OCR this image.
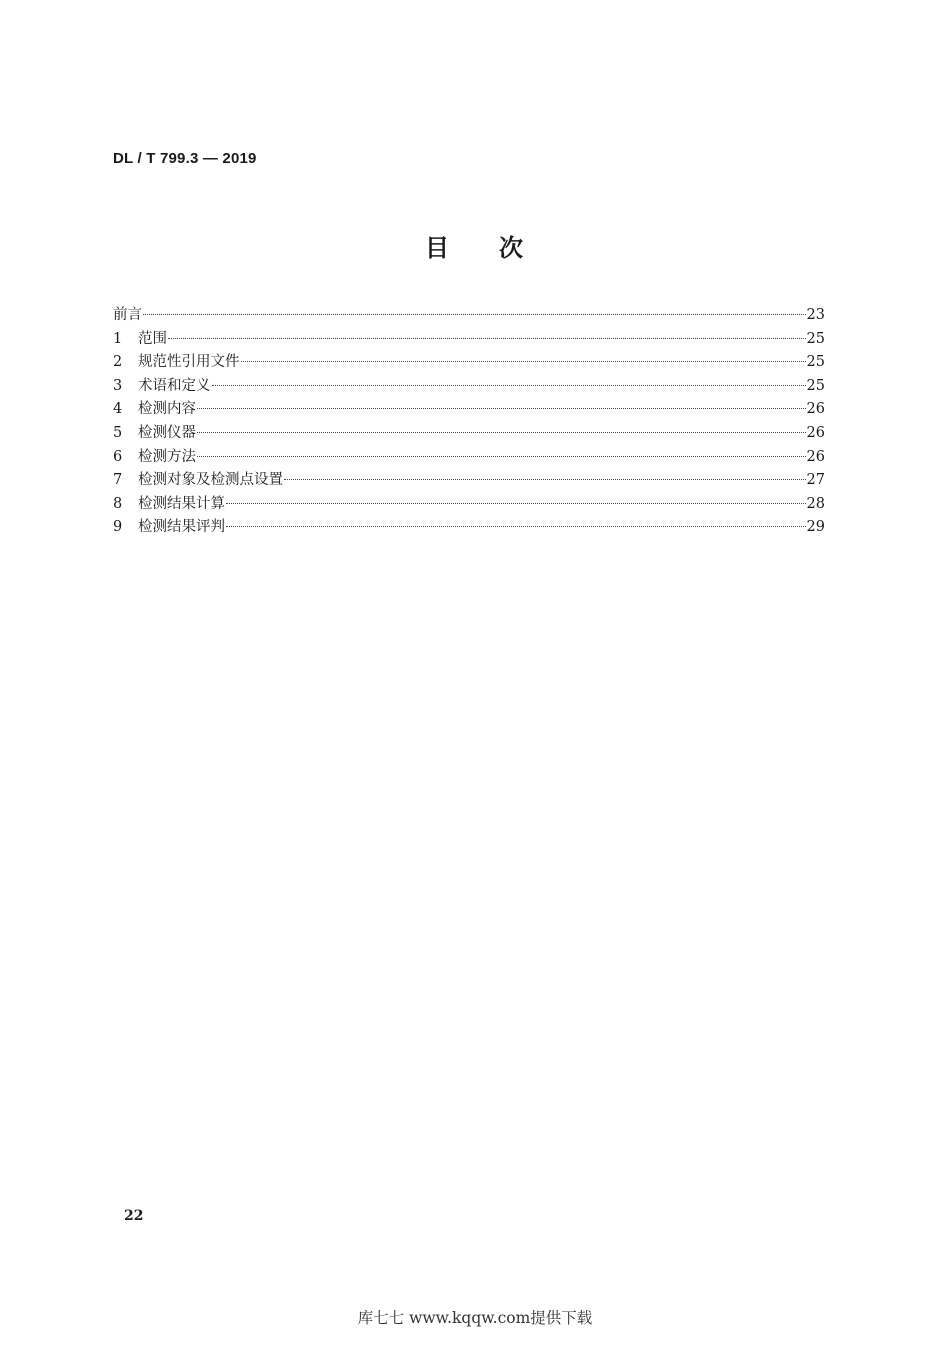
DL / T 799.3 — 2019
目 次
前言	23
1	范围	25
2	规范性引用文件	25
3	术语和定义	25
4	检测内容	26
5	检测仪器	26
6	检测方法	26
7	检测对象及检测点设置	27
8	检测结果计算	28
9	检测结果评判	29
22
库七七 www.kqqw.com提供下载
